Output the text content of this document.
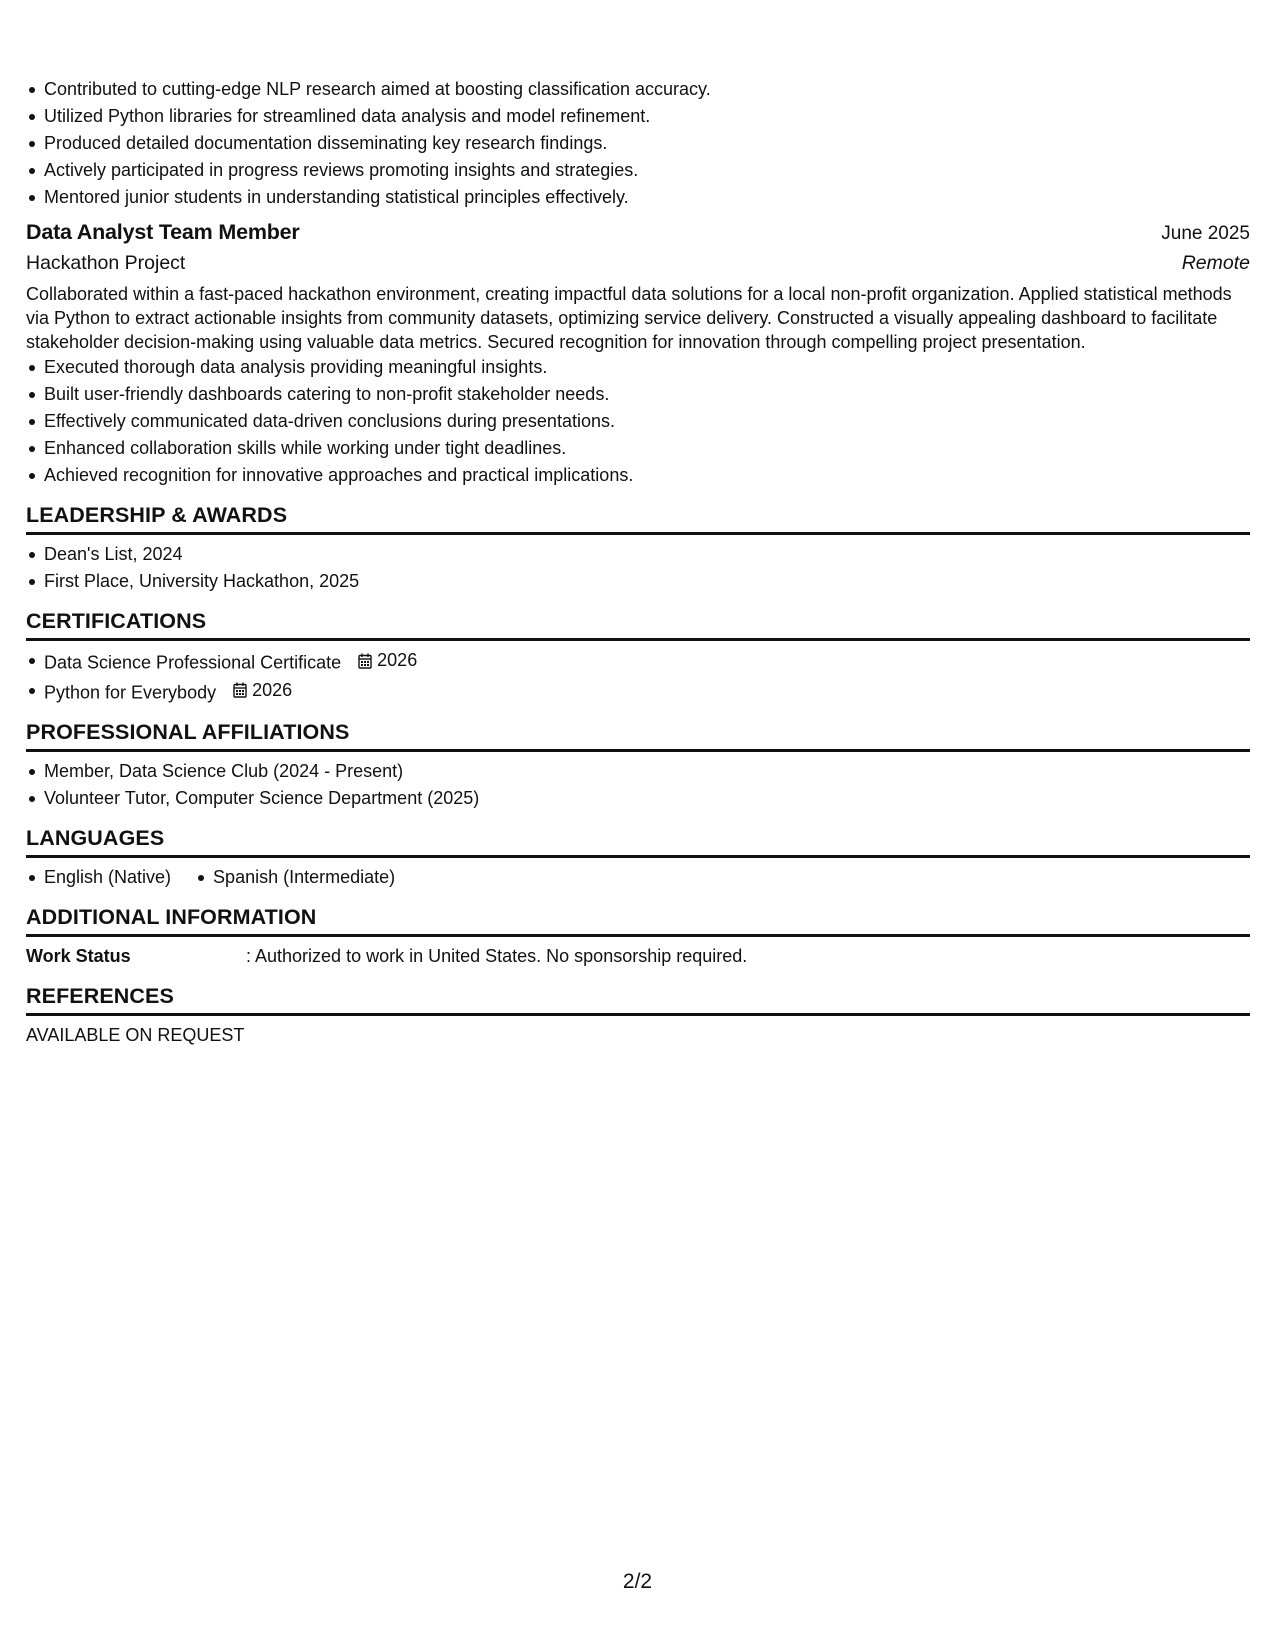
Contributed to cutting-edge NLP research aimed at boosting classification accuracy.
Utilized Python libraries for streamlined data analysis and model refinement.
Produced detailed documentation disseminating key research findings.
Actively participated in progress reviews promoting insights and strategies.
Mentored junior students in understanding statistical principles effectively.
Data Analyst Team Member	June 2025
Hackathon Project	Remote
Collaborated within a fast-paced hackathon environment, creating impactful data solutions for a local non-profit organization. Applied statistical methods via Python to extract actionable insights from community datasets, optimizing service delivery. Constructed a visually appealing dashboard to facilitate stakeholder decision-making using valuable data metrics. Secured recognition for innovation through compelling project presentation.
Executed thorough data analysis providing meaningful insights.
Built user-friendly dashboards catering to non-profit stakeholder needs.
Effectively communicated data-driven conclusions during presentations.
Enhanced collaboration skills while working under tight deadlines.
Achieved recognition for innovative approaches and practical implications.
LEADERSHIP & AWARDS
Dean's List, 2024
First Place, University Hackathon, 2025
CERTIFICATIONS
Data Science Professional Certificate 2026
Python for Everybody 2026
PROFESSIONAL AFFILIATIONS
Member, Data Science Club (2024 - Present)
Volunteer Tutor, Computer Science Department (2025)
LANGUAGES
English (Native) Spanish (Intermediate)
ADDITIONAL INFORMATION
Work Status	: Authorized to work in United States. No sponsorship required.
REFERENCES
AVAILABLE ON REQUEST
2/2
